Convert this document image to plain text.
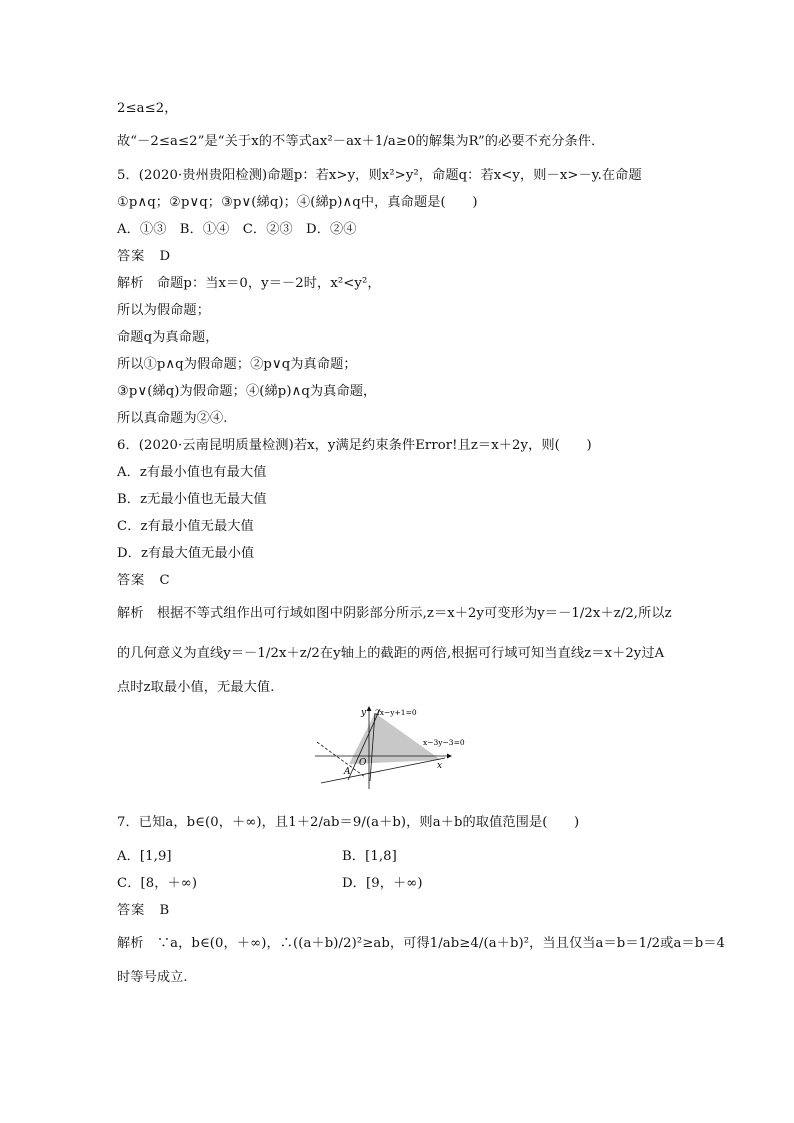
2≤a≤2，
故“－2≤a≤2”是“关于x的不等式ax²－ax＋1/a≥0的解集为R”的必要不充分条件．
5．(2020·贵州贵阳检测)命题p：若x>y，则x²>y²，命题q：若x<y，则－x>－y.在命题
①p∧q；②p∨q；③p∨(綈q)；④(綈p)∧q中，真命题是(　　)
A．①③　B．①④　C．②③　D．②④
答案　D
解析　命题p：当x＝0，y＝－2时，x²<y²，
所以为假命题；
命题q为真命题，
所以①p∧q为假命题；②p∨q为真命题；
③p∨(綈q)为假命题；④(綈p)∧q为真命题，
所以真命题为②④.
6．(2020·云南昆明质量检测)若x，y满足约束条件Error!且z＝x＋2y，则(　　)
A．z有最小值也有最大值
B．z无最小值也无最大值
C．z有最小值无最大值
D．z有最大值无最小值
答案　C
解析　根据不等式组作出可行域如图中阴影部分所示,z＝x＋2y可变形为y＝－1/2x＋z/2,所以z
的几何意义为直线y＝－1/2x＋z/2在y轴上的截距的两倍,根据可行域可知当直线z＝x＋2y过A
点时z取最小值，无最大值.
y
x
O
A
2x−y+1=0
x−3y−3=0
7．已知a，b∈(0，＋∞)，且1＋2/ab＝9/(a＋b)，则a＋b的取值范围是(　　)
A．[1,9]	B．[1,8]
C．[8，＋∞)	D．[9，＋∞)
答案　B
解析　∵a，b∈(0，＋∞)，∴((a＋b)/2)²≥ab，可得1/ab≥4/(a＋b)²，当且仅当a＝b＝1/2或a＝b＝4
时等号成立.
